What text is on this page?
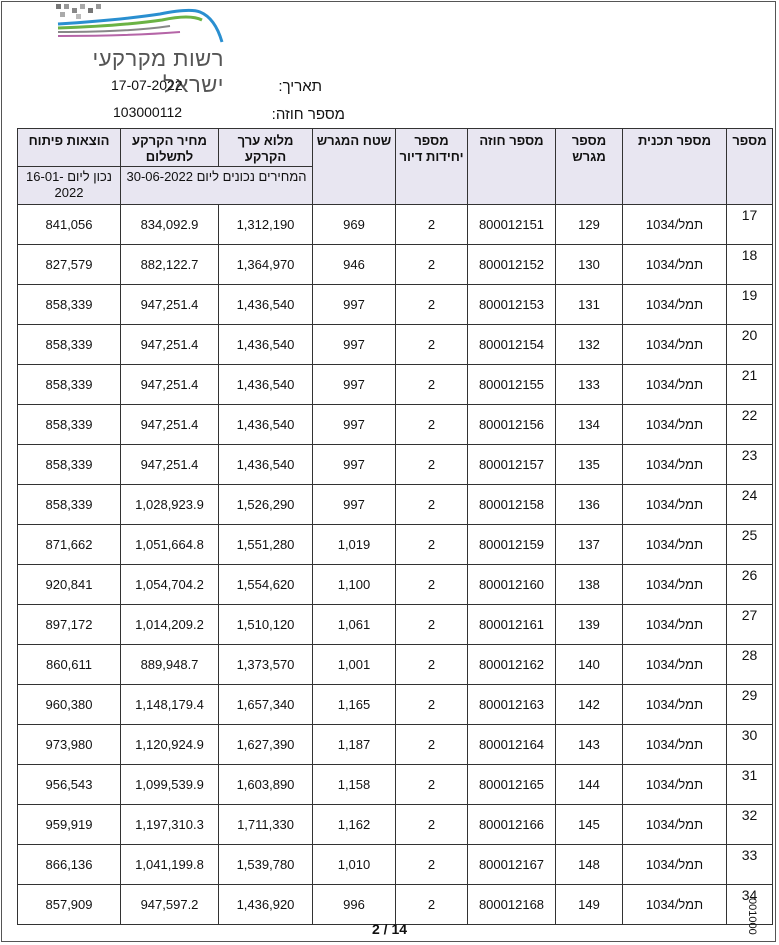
רשות מקרקעי ישראל	תאריך:
17-07-2022
מספר חוזה:
103000112
מספר	מספר תכנית	מספר מגרש	מספר חוזה	מספר יחידות דיור	שטח המגרש	מלוא ערך הקרקע	מחיר הקרקע לתשלום	הוצאות פיתוח
						המחירים נכונים ליום 30-06-2022		נכון ליום 16-01-2022
17	תמל/1034	129	800012151	2	969	1,312,190	834,092.9	841,056
18	תמל/1034	130	800012152	2	946	1,364,970	882,122.7	827,579
19	תמל/1034	131	800012153	2	997	1,436,540	947,251.4	858,339
20	תמל/1034	132	800012154	2	997	1,436,540	947,251.4	858,339
21	תמל/1034	133	800012155	2	997	1,436,540	947,251.4	858,339
22	תמל/1034	134	800012156	2	997	1,436,540	947,251.4	858,339
23	תמל/1034	135	800012157	2	997	1,436,540	947,251.4	858,339
24	תמל/1034	136	800012158	2	997	1,526,290	1,028,923.9	858,339
25	תמל/1034	137	800012159	2	1,019	1,551,280	1,051,664.8	871,662
26	תמל/1034	138	800012160	2	1,100	1,554,620	1,054,704.2	920,841
27	תמל/1034	139	800012161	2	1,061	1,510,120	1,014,209.2	897,172
28	תמל/1034	140	800012162	2	1,001	1,373,570	889,948.7	860,611
29	תמל/1034	142	800012163	2	1,165	1,657,340	1,148,179.4	960,380
30	תמל/1034	143	800012164	2	1,187	1,627,390	1,120,924.9	973,980
31	תמל/1034	144	800012165	2	1,158	1,603,890	1,099,539.9	956,543
32	תמל/1034	145	800012166	2	1,162	1,711,330	1,197,310.3	959,919
33	תמל/1034	148	800012167	2	1,010	1,539,780	1,041,199.8	866,136
34	תמל/1034	149	800012168	2	996	1,436,920	947,597.2	857,909
2 / 14	001000
